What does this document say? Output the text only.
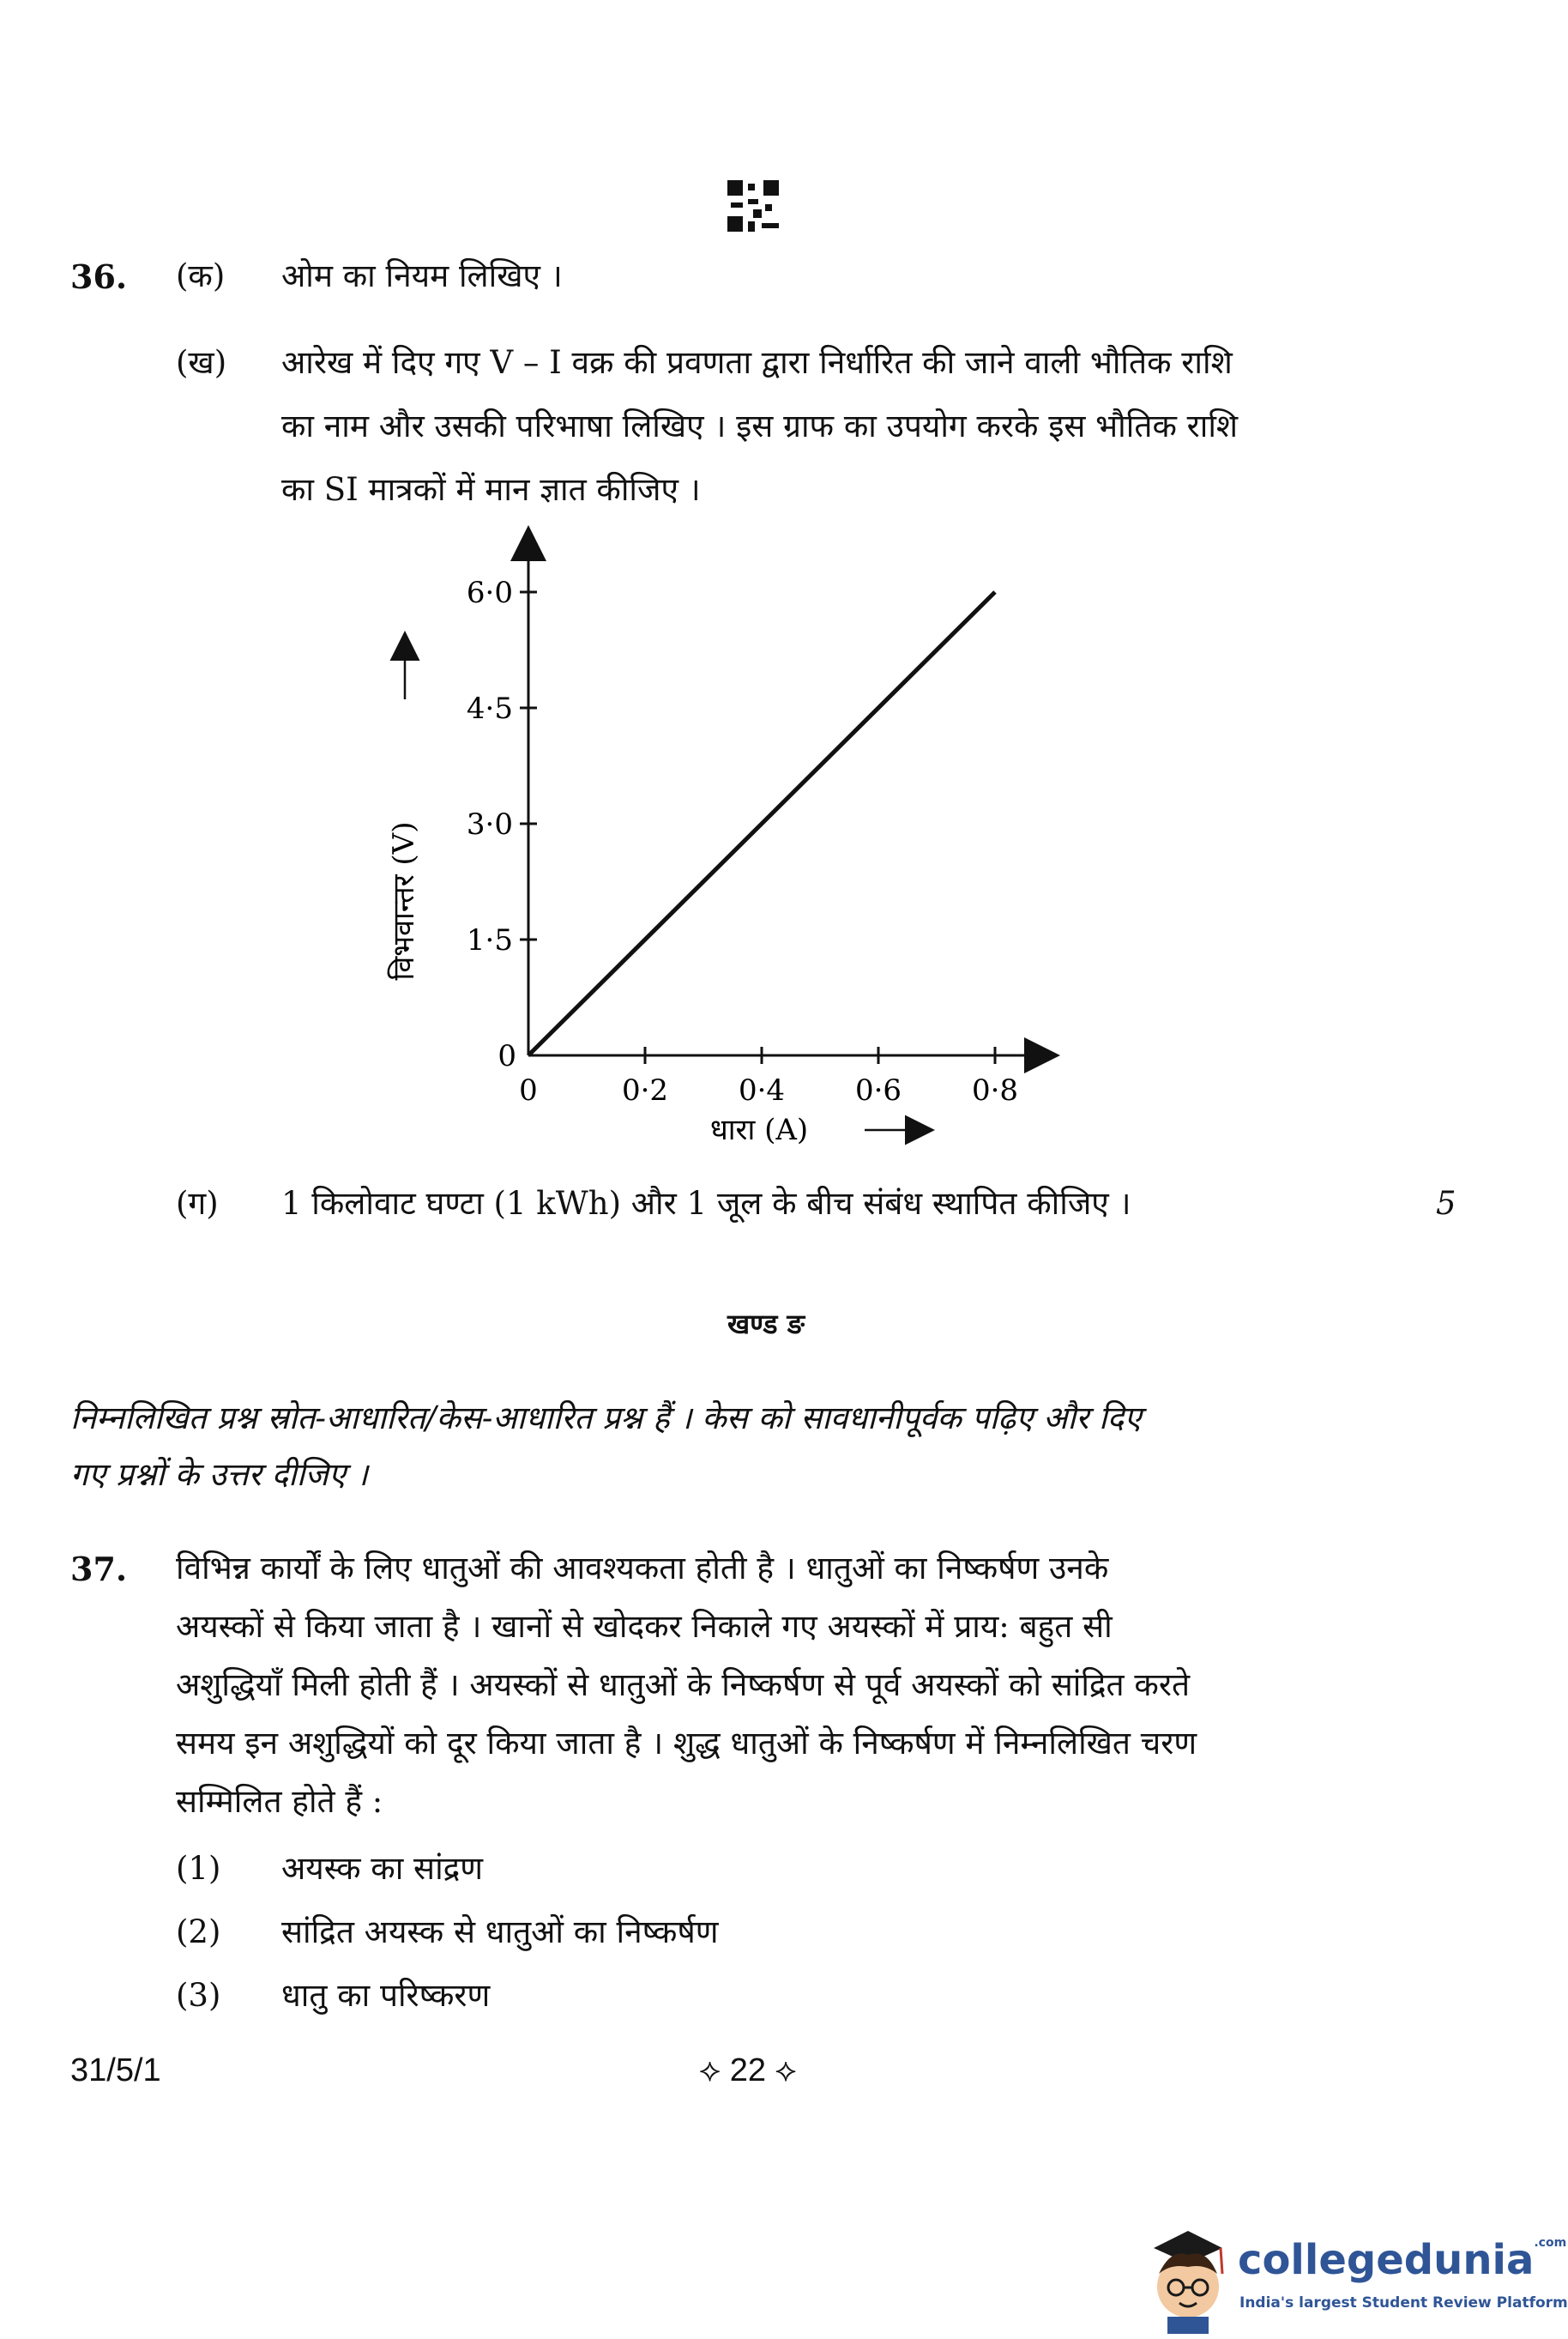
36. (क) ओम का नियम लिखिए ।
(ख) आरेख में दिए गए V – I वक्र की प्रवणता द्वारा निर्धारित की जाने वाली भौतिक राशि
का नाम और उसकी परिभाषा लिखिए । इस ग्राफ का उपयोग करके इस भौतिक राशि
का SI मात्रकों में मान ज्ञात कीजिए ।
0
1·5
3·0
4·5
6·0
0	0·2 0·4 0·6 0·8
विभवान्तर (V)
धारा (A)
(ग) 1 किलोवाट घण्टा (1 kWh) और 1 जूल के बीच संबंध स्थापित कीजिए ।	5
खण्ड ङ
निम्नलिखित प्रश्न स्रोत-आधारित/केस-आधारित प्रश्न हैं । केस को सावधानीपूर्वक पढ़िए और दिए
गए प्रश्नों के उत्तर दीजिए ।
37. विभिन्न कार्यों के लिए धातुओं की आवश्यकता होती है । धातुओं का निष्कर्षण उनके
अयस्कों से किया जाता है । खानों से खोदकर निकाले गए अयस्कों में प्राय: बहुत सी
अशुद्धियाँ मिली होती हैं । अयस्कों से धातुओं के निष्कर्षण से पूर्व अयस्कों को सांद्रित करते
समय इन अशुद्धियों को दूर किया जाता है । शुद्ध धातुओं के निष्कर्षण में निम्नलिखित चरण
सम्मिलित होते हैं :
(1) अयस्क का सांद्रण
(2) सांद्रित अयस्क से धातुओं का निष्कर्षण
(3) धातु का परिष्करण
31/5/1	⟡ 22 ⟡
collegedunia$^{.com}$
India's largest Student Review Platform
